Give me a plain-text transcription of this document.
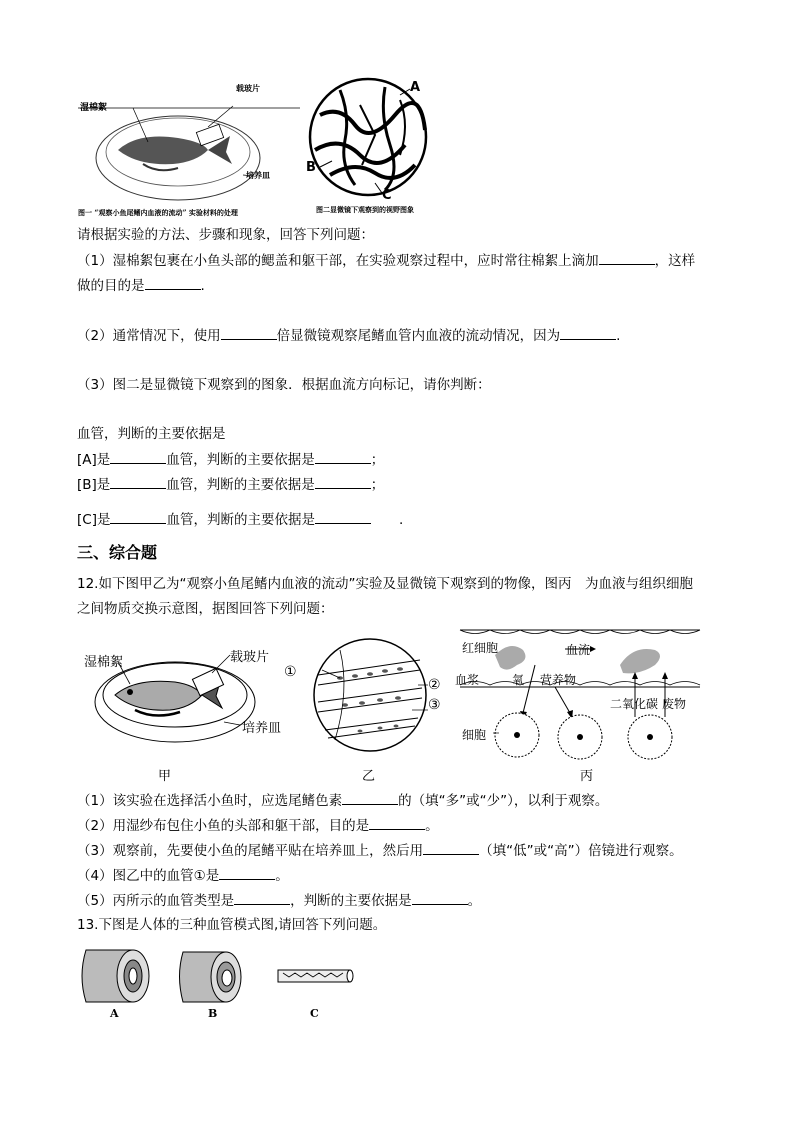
湿棉絮
载玻片
培养皿
图一 “观察小鱼尾鳍内血液的流动” 实验材料的处理
A
B
C
图二显微镜下观察到的视野图象
请根据实验的方法、步骤和现象，回答下列问题：
（1）湿棉絮包裹在小鱼头部的鳃盖和躯干部，在实验观察过程中，应时常往棉絮上滴加	，这样
做的目的是	.
（2）通常情况下，使用	倍显微镜观察尾鳍血管内血液的流动情况，因为	.
（3）图二是显微镜下观察到的图象．根据血流方向标记，请你判断：
血管，判断的主要依据是
[A]是	血管，判断的主要依据是	；
[B]是	血管，判断的主要依据是	；
[C]是	血管，判断的主要依据是	.
三、综合题
12.如下图甲乙为“观察小鱼尾鳍内血液的流动”实验及显微镜下观察到的物像，图丙　为血液与组织细胞
之间物质交换示意图，据图回答下列问题：
湿棉絮	载玻片
培养皿
甲
①
②
③
乙
红细胞	血流
血浆	氧 营养物
二氧化碳 废物
细胞
丙
（1）该实验在选择活小鱼时，应选尾鳍色素	的（填“多”或“少”），以利于观察。
（2）用湿纱布包住小鱼的头部和躯干部，目的是	。
（3）观察前，先要使小鱼的尾鳍平贴在培养皿上，然后用	（填“低”或“高”）倍镜进行观察。
（4）图乙中的血管①是	。
（5）丙所示的血管类型是	，判断的主要依据是	。
13.下图是人体的三种血管模式图,请回答下列问题。
A	B	C
